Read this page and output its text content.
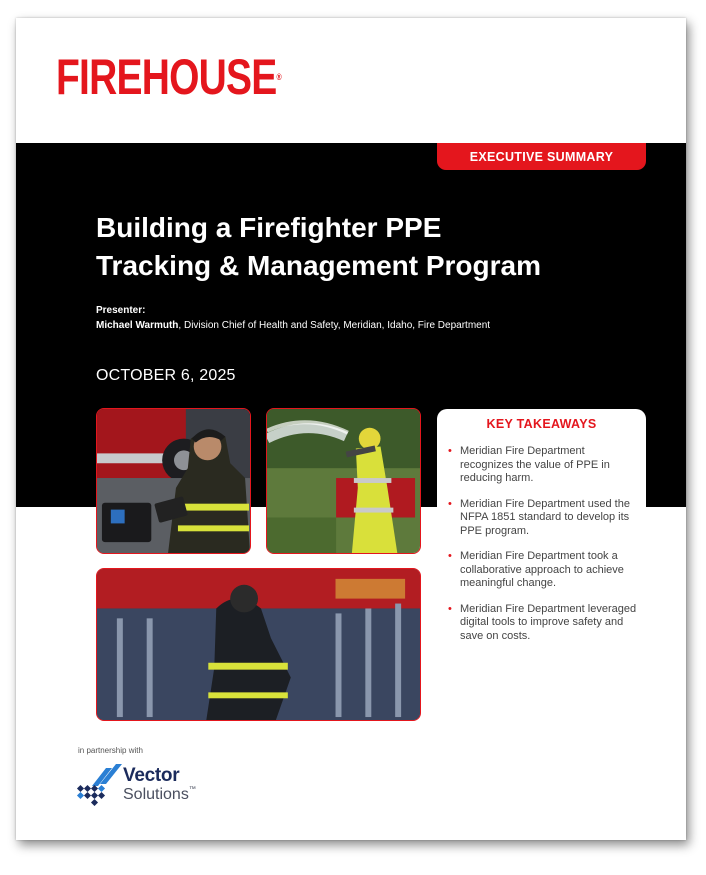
FIREHOUSE®
EXECUTIVE SUMMARY
Building a Firefighter PPE
Tracking & Management Program
Presenter:
Michael Warmuth, Division Chief of Health and Safety, Meridian, Idaho, Fire Department
OCTOBER 6, 2025
KEY TAKEAWAYS
• Meridian Fire Department recognizes the value of PPE in reducing harm.
• Meridian Fire Department used the NFPA 1851 standard to develop its PPE program.
• Meridian Fire Department took a collaborative approach to achieve meaningful change.
• Meridian Fire Department leveraged digital tools to improve safety and save on costs.
in partnership with
Vector
Solutions™
